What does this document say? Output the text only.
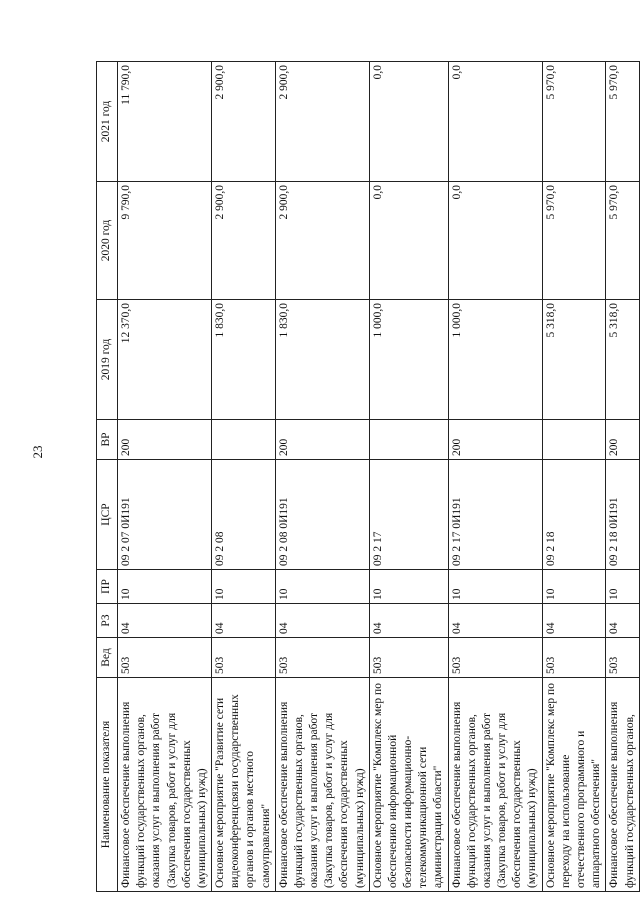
23
Наименование показателя	Вед	РЗ	ПР	ЦСР	ВР	2019 год	2020 год	2021 год
Финансовое обеспечение выполнения функций государственных органов, оказания услуг и выполнения работ (Закупка товаров, работ и услуг для обеспечения государственных (муниципальных) нужд)	503	04	10	09 2 07 0И191	200	12 370,0	9 790,0	11 790,0
Основное мероприятие "Развитие сети видеоконференцсвязи государственных органов и органов местного самоуправления"	503	04	10	09 2 08		1 830,0	2 900,0	2 900,0
Финансовое обеспечение выполнения функций государственных органов, оказания услуг и выполнения работ (Закупка товаров, работ и услуг для обеспечения государственных (муниципальных) нужд)	503	04	10	09 2 08 0И191	200	1 830,0	2 900,0	2 900,0
Основное мероприятие "Комплекс мер по обеспечению информационной безопасности информационно-телекоммуникационной сети администрации области"	503	04	10	09 2 17		1 000,0	0,0	0,0
Финансовое обеспечение выполнения функций государственных органов, оказания услуг и выполнения работ (Закупка товаров, работ и услуг для обеспечения государственных (муниципальных) нужд)	503	04	10	09 2 17 0И191	200	1 000,0	0,0	0,0
Основное мероприятие "Комплекс мер по переходу на использование отечественного программного и аппаратного обеспечения"	503	04	10	09 2 18		5 318,0	5 970,0	5 970,0
Финансовое обеспечение выполнения функций государственных органов,	503	04	10	09 2 18 0И191	200	5 318,0	5 970,0	5 970,0
